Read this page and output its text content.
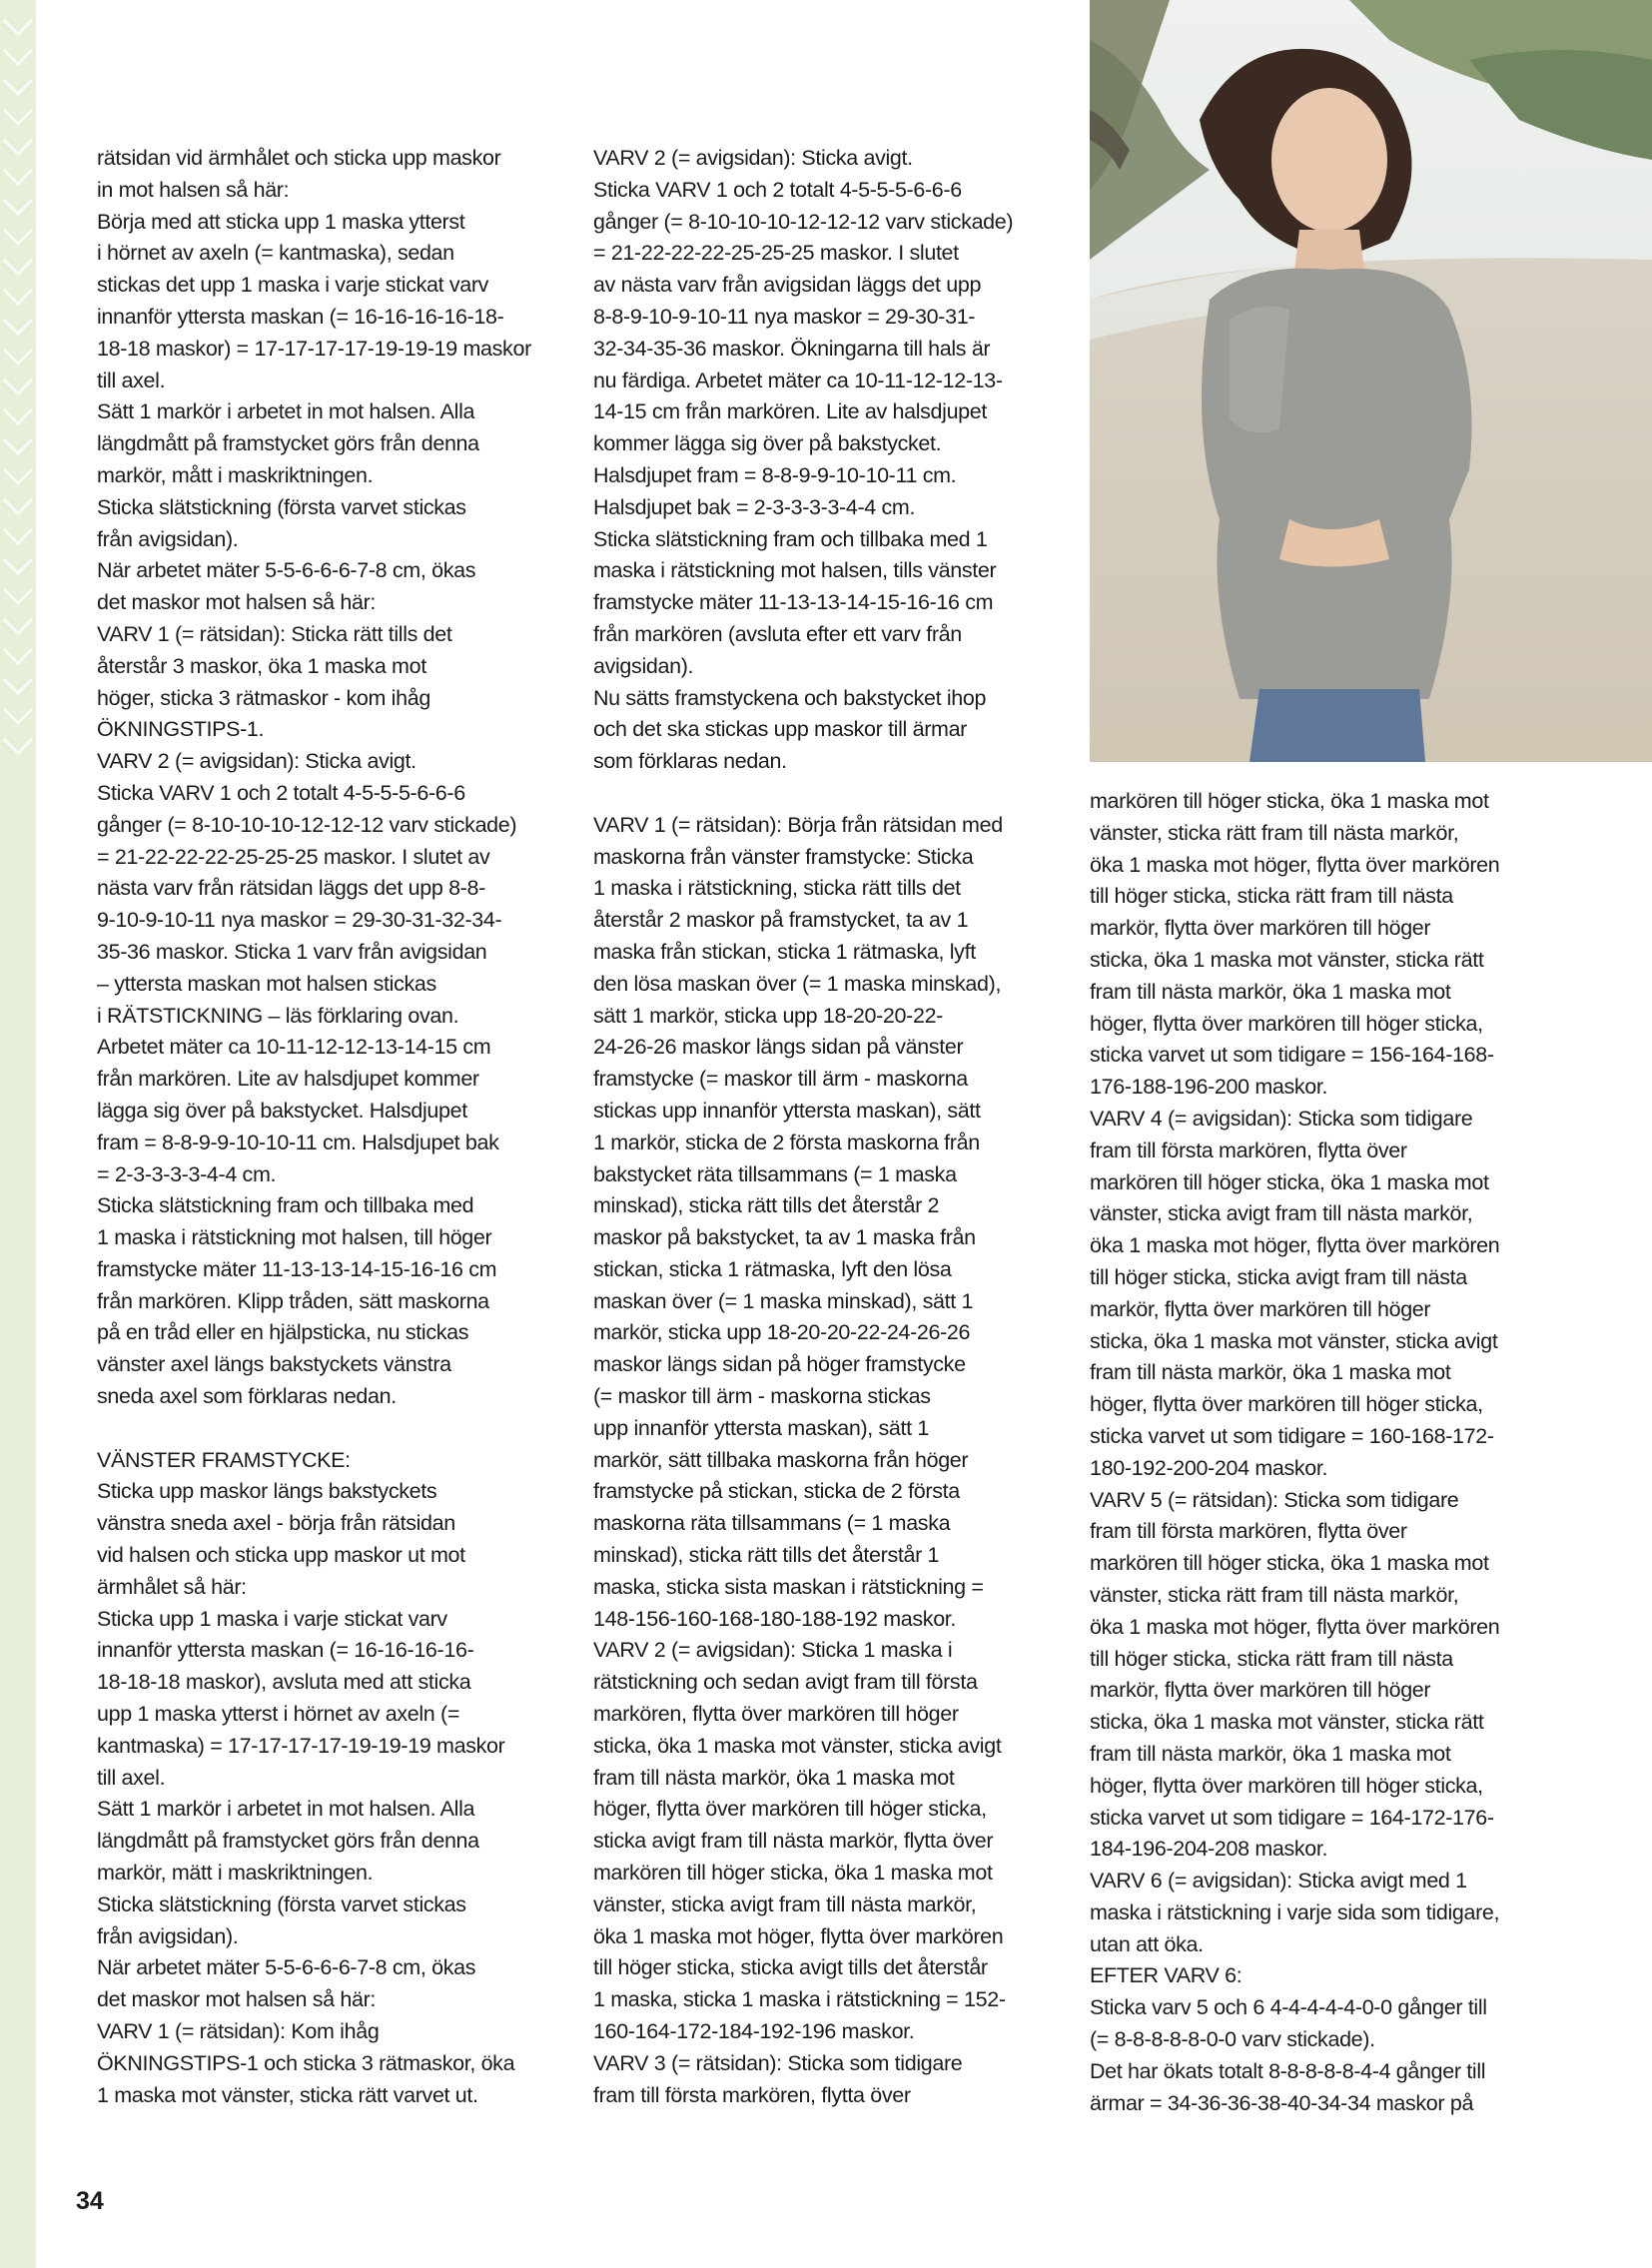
rätsidan vid ärmhålet och sticka upp maskor
in mot halsen så här:
Börja med att sticka upp 1 maska ytterst
i hörnet av axeln (= kantmaska), sedan
stickas det upp 1 maska i varje stickat varv
innanför yttersta maskan (= 16-16-16-16-18-
18-18 maskor) = 17-17-17-17-19-19-19 maskor
till axel.
Sätt 1 markör i arbetet in mot halsen. Alla
längdmått på framstycket görs från denna
markör, mått i maskriktningen.
Sticka slätstickning (första varvet stickas
från avigsidan).
När arbetet mäter 5-5-6-6-6-7-8 cm, ökas
det maskor mot halsen så här:
VARV 1 (= rätsidan): Sticka rätt tills det
återstår 3 maskor, öka 1 maska mot
höger, sticka 3 rätmaskor - kom ihåg
ÖKNINGSTIPS-1.
VARV 2 (= avigsidan): Sticka avigt.
Sticka VARV 1 och 2 totalt 4-5-5-5-6-6-6
gånger (= 8-10-10-10-12-12-12 varv stickade)
= 21-22-22-22-25-25-25 maskor. I slutet av
nästa varv från rätsidan läggs det upp 8-8-
9-10-9-10-11 nya maskor = 29-30-31-32-34-
35-36 maskor. Sticka 1 varv från avigsidan
– yttersta maskan mot halsen stickas
i RÄTSTICKNING – läs förklaring ovan.
Arbetet mäter ca 10-11-12-12-13-14-15 cm
från markören. Lite av halsdjupet kommer
lägga sig över på bakstycket. Halsdjupet
fram = 8-8-9-9-10-10-11 cm. Halsdjupet bak
= 2-3-3-3-3-4-4 cm.
Sticka slätstickning fram och tillbaka med
1 maska i rätstickning mot halsen, till höger
framstycke mäter 11-13-13-14-15-16-16 cm
från markören. Klipp tråden, sätt maskorna
på en tråd eller en hjälpsticka, nu stickas
vänster axel längs bakstyckets vänstra
sneda axel som förklaras nedan.

VÄNSTER FRAMSTYCKE:
Sticka upp maskor längs bakstyckets
vänstra sneda axel - börja från rätsidan
vid halsen och sticka upp maskor ut mot
ärmhålet så här:
Sticka upp 1 maska i varje stickat varv
innanför yttersta maskan (= 16-16-16-16-
18-18-18 maskor), avsluta med att sticka
upp 1 maska ytterst i hörnet av axeln (=
kantmaska) = 17-17-17-17-19-19-19 maskor
till axel.
Sätt 1 markör i arbetet in mot halsen. Alla
längdmått på framstycket görs från denna
markör, mätt i maskriktningen.
Sticka slätstickning (första varvet stickas
från avigsidan).
När arbetet mäter 5-5-6-6-6-7-8 cm, ökas
det maskor mot halsen så här:
VARV 1 (= rätsidan): Kom ihåg
ÖKNINGSTIPS-1 och sticka 3 rätmaskor, öka
1 maska mot vänster, sticka rätt varvet ut.

VARV 2 (= avigsidan): Sticka avigt.
Sticka VARV 1 och 2 totalt 4-5-5-5-6-6-6
gånger (= 8-10-10-10-12-12-12 varv stickade)
= 21-22-22-22-25-25-25 maskor. I slutet
av nästa varv från avigsidan läggs det upp
8-8-9-10-9-10-11 nya maskor = 29-30-31-
32-34-35-36 maskor. Ökningarna till hals är
nu färdiga. Arbetet mäter ca 10-11-12-12-13-
14-15 cm från markören. Lite av halsdjupet
kommer lägga sig över på bakstycket.
Halsdjupet fram = 8-8-9-9-10-10-11 cm.
Halsdjupet bak = 2-3-3-3-3-4-4 cm.
Sticka slätstickning fram och tillbaka med 1
maska i rätstickning mot halsen, tills vänster
framstycke mäter 11-13-13-14-15-16-16 cm
från markören (avsluta efter ett varv från
avigsidan).
Nu sätts framstyckena och bakstycket ihop
och det ska stickas upp maskor till ärmar
som förklaras nedan.

VARV 1 (= rätsidan): Börja från rätsidan med
maskorna från vänster framstycke: Sticka
1 maska i rätstickning, sticka rätt tills det
återstår 2 maskor på framstycket, ta av 1
maska från stickan, sticka 1 rätmaska, lyft
den lösa maskan över (= 1 maska minskad),
sätt 1 markör, sticka upp 18-20-20-22-
24-26-26 maskor längs sidan på vänster
framstycke (= maskor till ärm - maskorna
stickas upp innanför yttersta maskan), sätt
1 markör, sticka de 2 första maskorna från
bakstycket räta tillsammans (= 1 maska
minskad), sticka rätt tills det återstår 2
maskor på bakstycket, ta av 1 maska från
stickan, sticka 1 rätmaska, lyft den lösa
maskan över (= 1 maska minskad), sätt 1
markör, sticka upp 18-20-20-22-24-26-26
maskor längs sidan på höger framstycke
(= maskor till ärm - maskorna stickas
upp innanför yttersta maskan), sätt 1
markör, sätt tillbaka maskorna från höger
framstycke på stickan, sticka de 2 första
maskorna räta tillsammans (= 1 maska
minskad), sticka rätt tills det återstår 1
maska, sticka sista maskan i rätstickning =
148-156-160-168-180-188-192 maskor.
VARV 2 (= avigsidan): Sticka 1 maska i
rätstickning och sedan avigt fram till första
markören, flytta över markören till höger
sticka, öka 1 maska mot vänster, sticka avigt
fram till nästa markör, öka 1 maska mot
höger, flytta över markören till höger sticka,
sticka avigt fram till nästa markör, flytta över
markören till höger sticka, öka 1 maska mot
vänster, sticka avigt fram till nästa markör,
öka 1 maska mot höger, flytta över markören
till höger sticka, sticka avigt tills det återstår
1 maska, sticka 1 maska i rätstickning = 152-
160-164-172-184-192-196 maskor.
VARV 3 (= rätsidan): Sticka som tidigare
fram till första markören, flytta över

markören till höger sticka, öka 1 maska mot
vänster, sticka rätt fram till nästa markör,
öka 1 maska mot höger, flytta över markören
till höger sticka, sticka rätt fram till nästa
markör, flytta över markören till höger
sticka, öka 1 maska mot vänster, sticka rätt
fram till nästa markör, öka 1 maska mot
höger, flytta över markören till höger sticka,
sticka varvet ut som tidigare = 156-164-168-
176-188-196-200 maskor.
VARV 4 (= avigsidan): Sticka som tidigare
fram till första markören, flytta över
markören till höger sticka, öka 1 maska mot
vänster, sticka avigt fram till nästa markör,
öka 1 maska mot höger, flytta över markören
till höger sticka, sticka avigt fram till nästa
markör, flytta över markören till höger
sticka, öka 1 maska mot vänster, sticka avigt
fram till nästa markör, öka 1 maska mot
höger, flytta över markören till höger sticka,
sticka varvet ut som tidigare = 160-168-172-
180-192-200-204 maskor.
VARV 5 (= rätsidan): Sticka som tidigare
fram till första markören, flytta över
markören till höger sticka, öka 1 maska mot
vänster, sticka rätt fram till nästa markör,
öka 1 maska mot höger, flytta över markören
till höger sticka, sticka rätt fram till nästa
markör, flytta över markören till höger
sticka, öka 1 maska mot vänster, sticka rätt
fram till nästa markör, öka 1 maska mot
höger, flytta över markören till höger sticka,
sticka varvet ut som tidigare = 164-172-176-
184-196-204-208 maskor.
VARV 6 (= avigsidan): Sticka avigt med 1
maska i rätstickning i varje sida som tidigare,
utan att öka.
EFTER VARV 6:
Sticka varv 5 och 6 4-4-4-4-4-0-0 gånger till
(= 8-8-8-8-8-0-0 varv stickade).
Det har ökats totalt 8-8-8-8-8-4-4 gånger till
ärmar = 34-36-36-38-40-34-34 maskor på

34
